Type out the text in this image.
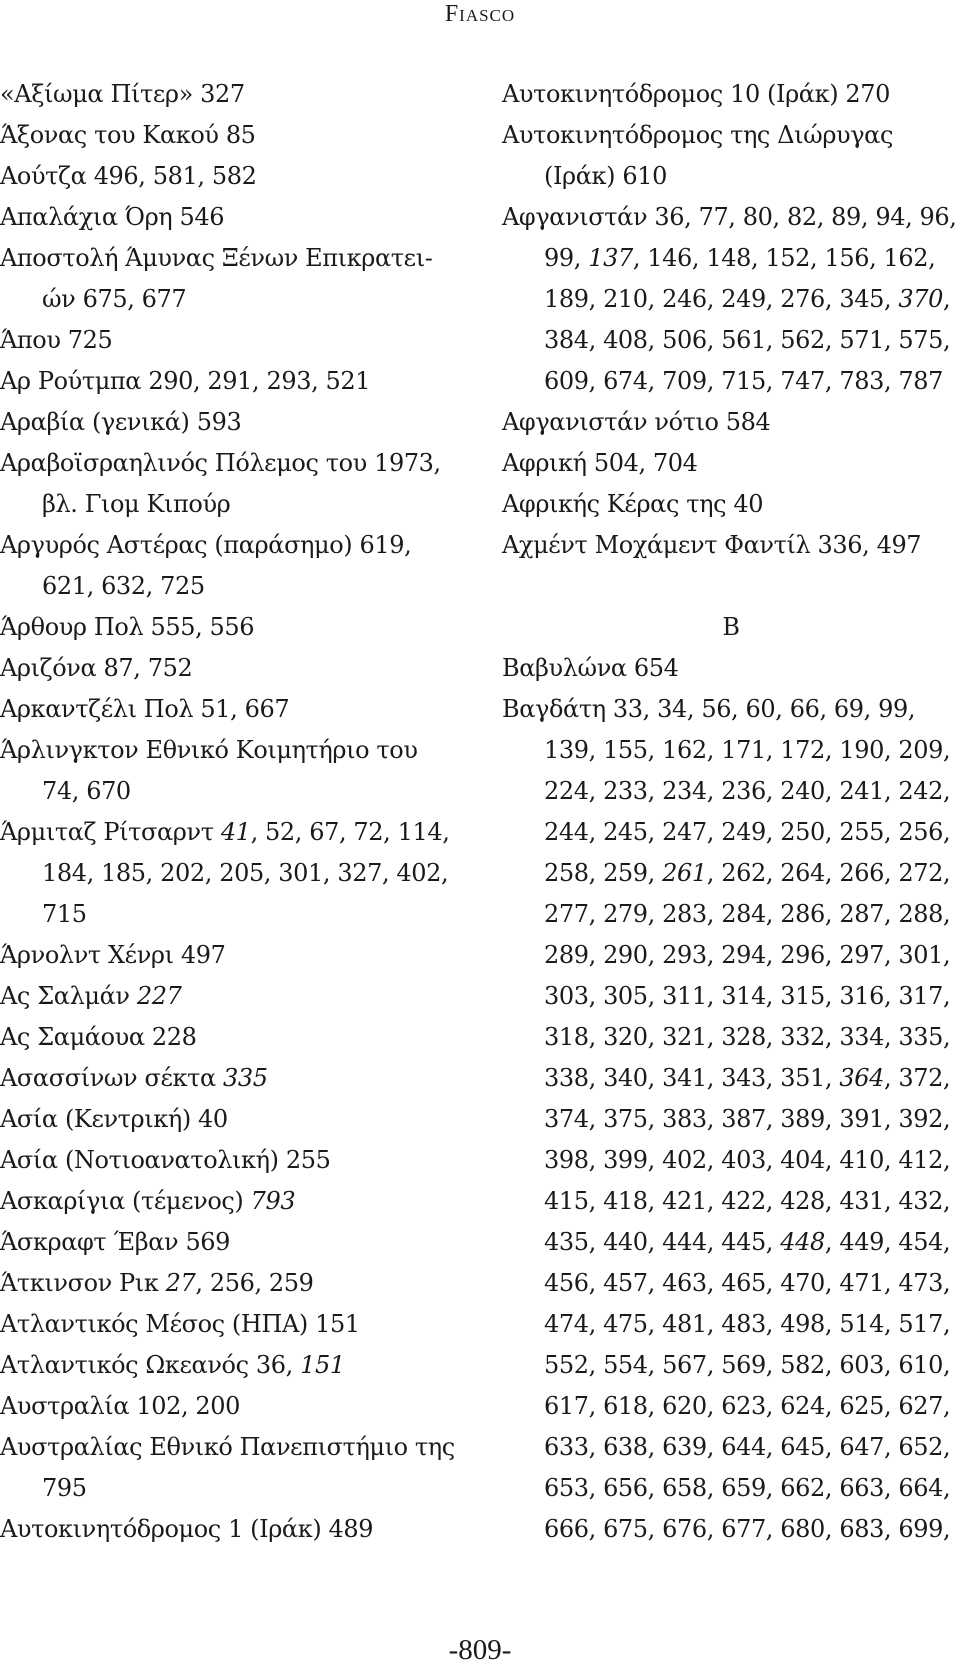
Fiasco
«Αξίωμα Πίτερ» 327
Άξονας του Κακού 85
Αούτζα 496, 581, 582
Απαλάχια Όρη 546
Αποστολή Άμυνας Ξένων Επικρατει-
ών 675, 677
Άπου 725
Αρ Ρούτμπα 290, 291, 293, 521
Αραβία (γενικά) 593
Αραβοϊσραηλινός Πόλεμος του 1973,
βλ. Γιομ Κιπούρ
Αργυρός Αστέρας (παράσημο) 619,
621, 632, 725
Άρθουρ Πολ 555, 556
Αριζόνα 87, 752
Αρκαντζέλι Πολ 51, 667
Άρλινγκτον Εθνικό Κοιμητήριο του
74, 670
Άρμιταζ Ρίτσαρντ 41, 52, 67, 72, 114,
184, 185, 202, 205, 301, 327, 402,
715
Άρνολντ Χένρι 497
Ας Σαλμάν 227
Ας Σαμάουα 228
Ασασσίνων σέκτα 335
Ασία (Κεντρική) 40
Ασία (Νοτιοανατολική) 255
Ασκαρίγια (τέμενος) 793
Άσκραφτ Έβαν 569
Άτκινσον Ρικ 27, 256, 259
Ατλαντικός Μέσος (ΗΠΑ) 151
Ατλαντικός Ωκεανός 36, 151
Αυστραλία 102, 200
Αυστραλίας Εθνικό Πανεπιστήμιο της
795
Αυτοκινητόδρομος 1 (Ιράκ) 489
Αυτοκινητόδρομος 10 (Ιράκ) 270
Αυτοκινητόδρομος της Διώρυγας
(Ιράκ) 610
Αφγανιστάν 36, 77, 80, 82, 89, 94, 96,
99, 137, 146, 148, 152, 156, 162,
189, 210, 246, 249, 276, 345, 370,
384, 408, 506, 561, 562, 571, 575,
609, 674, 709, 715, 747, 783, 787
Αφγανιστάν νότιο 584
Αφρική 504, 704
Αφρικής Κέρας της 40
Αχμέντ Μοχάμεντ Φαντίλ 336, 497
Β
Βαβυλώνα 654
Βαγδάτη 33, 34, 56, 60, 66, 69, 99,
139, 155, 162, 171, 172, 190, 209,
224, 233, 234, 236, 240, 241, 242,
244, 245, 247, 249, 250, 255, 256,
258, 259, 261, 262, 264, 266, 272,
277, 279, 283, 284, 286, 287, 288,
289, 290, 293, 294, 296, 297, 301,
303, 305, 311, 314, 315, 316, 317,
318, 320, 321, 328, 332, 334, 335,
338, 340, 341, 343, 351, 364, 372,
374, 375, 383, 387, 389, 391, 392,
398, 399, 402, 403, 404, 410, 412,
415, 418, 421, 422, 428, 431, 432,
435, 440, 444, 445, 448, 449, 454,
456, 457, 463, 465, 470, 471, 473,
474, 475, 481, 483, 498, 514, 517,
552, 554, 567, 569, 582, 603, 610,
617, 618, 620, 623, 624, 625, 627,
633, 638, 639, 644, 645, 647, 652,
653, 656, 658, 659, 662, 663, 664,
666, 675, 676, 677, 680, 683, 699,
-809-
